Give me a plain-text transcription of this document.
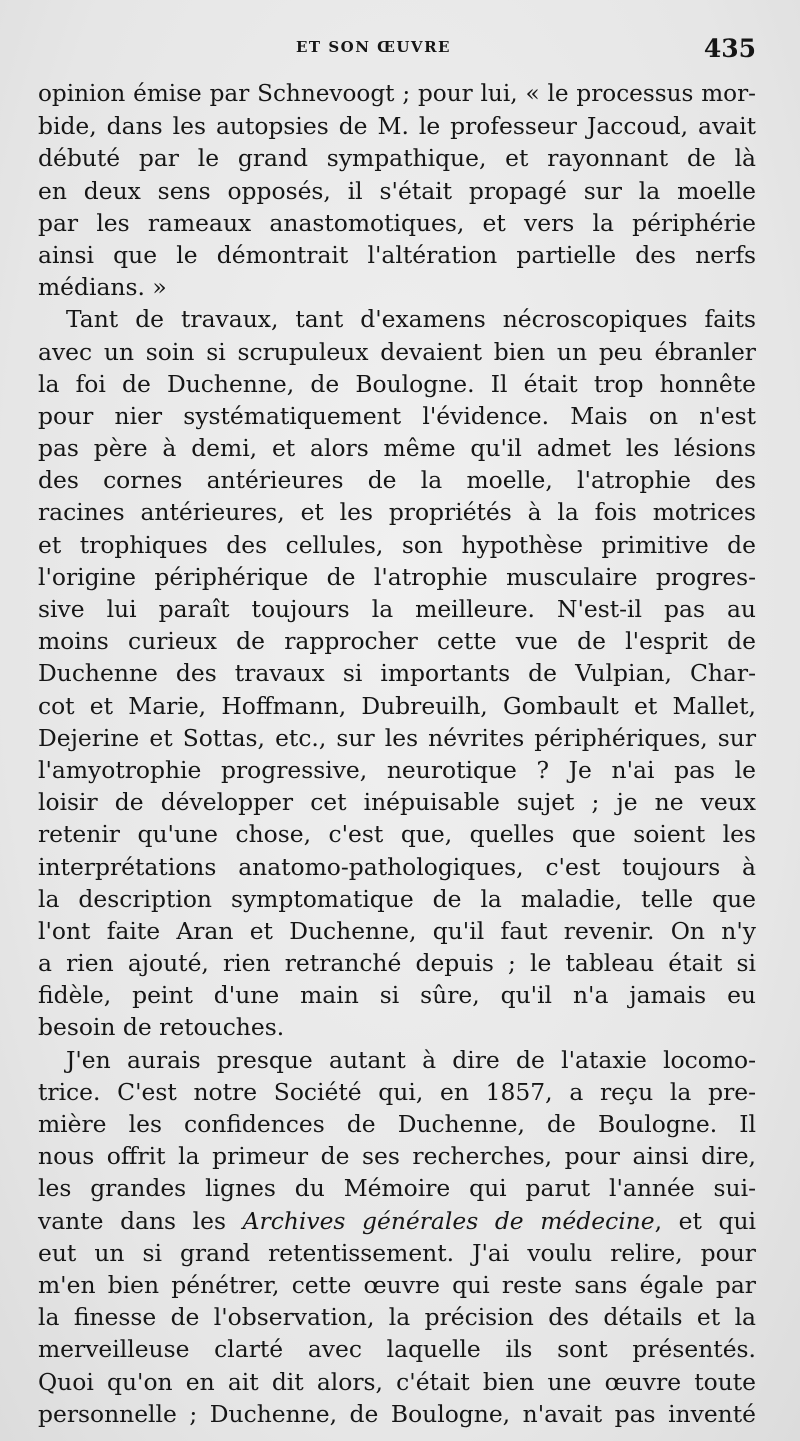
ET SON ŒUVRE	435
opinion émise par Schnevoogt ; pour lui, « le processus mor-
bide, dans les autopsies de M. le professeur Jaccoud, avait
débuté par le grand sympathique, et rayonnant de là
en deux sens opposés, il s'était propagé sur la moelle
par les rameaux anastomotiques, et vers la périphérie
ainsi que le démontrait l'altération partielle des nerfs
médians. »
Tant de travaux, tant d'examens nécroscopiques faits
avec un soin si scrupuleux devaient bien un peu ébranler
la foi de Duchenne, de Boulogne. Il était trop honnête
pour nier systématiquement l'évidence. Mais on n'est
pas père à demi, et alors même qu'il admet les lésions
des cornes antérieures de la moelle, l'atrophie des
racines antérieures, et les propriétés à la fois motrices
et trophiques des cellules, son hypothèse primitive de
l'origine périphérique de l'atrophie musculaire progres-
sive lui paraît toujours la meilleure. N'est-il pas au
moins curieux de rapprocher cette vue de l'esprit de
Duchenne des travaux si importants de Vulpian, Char-
cot et Marie, Hoffmann, Dubreuilh, Gombault et Mallet,
Dejerine et Sottas, etc., sur les névrites périphériques, sur
l'amyotrophie progressive, neurotique ? Je n'ai pas le
loisir de développer cet inépuisable sujet ; je ne veux
retenir qu'une chose, c'est que, quelles que soient les
interprétations anatomo-pathologiques, c'est toujours à
la description symptomatique de la maladie, telle que
l'ont faite Aran et Duchenne, qu'il faut revenir. On n'y
a rien ajouté, rien retranché depuis ; le tableau était si
fidèle, peint d'une main si sûre, qu'il n'a jamais eu
besoin de retouches.
J'en aurais presque autant à dire de l'ataxie locomo-
trice. C'est notre Société qui, en 1857, a reçu la pre-
mière les confidences de Duchenne, de Boulogne. Il
nous offrit la primeur de ses recherches, pour ainsi dire,
les grandes lignes du Mémoire qui parut l'année sui-
vante dans les Archives générales de médecine, et qui
eut un si grand retentissement. J'ai voulu relire, pour
m'en bien pénétrer, cette œuvre qui reste sans égale par
la finesse de l'observation, la précision des détails et la
merveilleuse clarté avec laquelle ils sont présentés.
Quoi qu'on en ait dit alors, c'était bien une œuvre toute
personnelle ; Duchenne, de Boulogne, n'avait pas inventé
